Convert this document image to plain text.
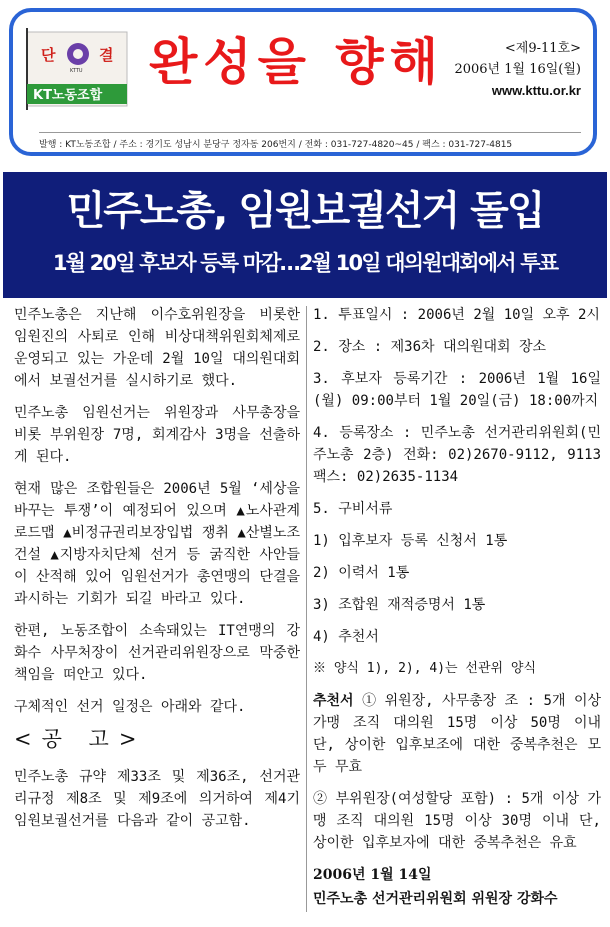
단	결
KTTU
KT노동조합
완성을 향해	<제9-11호>
2006년 1월 16일(월)
www.kttu.or.kr
발행 : KT노동조합 / 주소 : 경기도 성남시 분당구 정자동 206번지 / 전화 : 031-727-4820~45 / 팩스 : 031-727-4815
민주노총, 임원보궐선거 돌입
1월 20일 후보자 등록 마감…2월 10일 대의원대회에서 투표

민주노총은 지난해 이수호위원장을 비롯한 임원진의 사퇴로 인해 비상대책위원회체제로 운영되고 있는 가운데 2월 10일 대의원대회에서 보궐선거를 실시하기로 했다.

민주노총 임원선거는 위원장과 사무총장을 비롯 부위원장 7명, 회계감사 3명을 선출하게 된다.

현재 많은 조합원들은 2006년 5월 ‘세상을 바꾸는 투쟁’이 예정되어 있으며 ▲노사관계로드맵 ▲비정규권리보장입법 쟁취 ▲산별노조건설 ▲지방자치단체 선거 등 굵직한 사안들이 산적해 있어 임원선거가 총연맹의 단결을 과시하는 기회가 되길 바라고 있다.

한편, 노동조합이 소속돼있는 IT연맹의 강화수 사무처장이 선거관리위원장으로 막중한 책임을 떠안고 있다.

구체적인 선거 일정은 아래와 같다.

<공 고>

민주노총 규약 제33조 및 제36조, 선거관리규정 제8조 및 제9조에 의거하여 제4기 임원보궐선거를 다음과 같이 공고함.

1. 투표일시 : 2006년 2월 10일 오후 2시

2. 장소 : 제36차 대의원대회 장소

3. 후보자 등록기간 : 2006년 1월 16일(월) 09:00부터 1월 20일(금) 18:00까지

4. 등록장소 : 민주노총 선거관리위원회(민주노총 2층) 전화: 02)2670-9112, 9113 팩스: 02)2635-1134

5. 구비서류

1) 입후보자 등록 신청서 1통

2) 이력서 1통

3) 조합원 재적증명서 1통

4) 추천서

※ 양식 1), 2), 4)는 선관위 양식

추천서 ① 위원장, 사무총장 조 : 5개 이상 가맹 조직 대의원 15명 이상 50명 이내 단, 상이한 입후보조에 대한 중복추천은 모두 무효

② 부위원장(여성할당 포함) : 5개 이상 가맹 조직 대의원 15명 이상 30명 이내 단, 상이한 입후보자에 대한 중복추천은 유효

2006년 1월 14일

민주노총 선거관리위원회 위원장 강화수
